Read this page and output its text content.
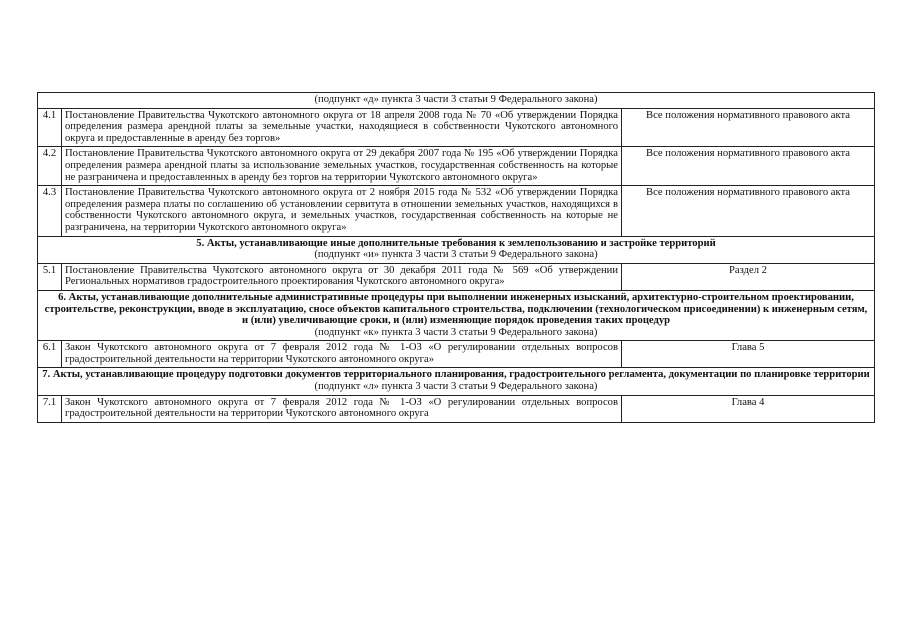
(подпункт «д» пункта 3 части 3 статьи 9 Федерального закона)		
4.1	Постановление Правительства Чукотского автономного округа от 18 апреля 2008 года № 70 «Об утверждении Порядка определения размера арендной платы за земельные участки, находящиеся в собственности Чукотского автономного округа и предоставленные в аренду без торгов»	Все положения нормативного правового акта
4.2	Постановление Правительства Чукотского автономного округа от 29 декабря 2007 года № 195 «Об утверждении Порядка определения размера арендной платы за использование земельных участков, государственная собственность на которые не разграничена и предоставленных в аренду без торгов на территории Чукотского автономного округа»	Все положения нормативного правового акта
4.3	Постановление Правительства Чукотского автономного округа от 2 ноября 2015 года № 532 «Об утверждении Порядка определения размера платы по соглашению об установлении сервитута в отношении земельных участков, находящихся в собственности Чукотского автономного округа, и земельных участков, государственная собственность на которые не разграничена, на территории Чукотского автономного округа»	Все положения нормативного правового акта

5. Акты, устанавливающие иные дополнительные требования к землепользованию и застройке территорий
(подпункт «и» пункта 3 части 3 статьи 9 Федерального закона)		

5.1	Постановление Правительства Чукотского автономного округа от 30 декабря 2011 года № 569 «Об утверждении Региональных нормативов градостроительного проектирования Чукотского автономного округа»	Раздел 2

6. Акты, устанавливающие дополнительные административные процедуры при выполнении инженерных изысканий, архитектурно-строительном проектировании, строительстве, реконструкции, вводе в эксплуатацию, сносе объектов капитального строительства, подключении (технологическом присоединении) к инженерным сетям, и (или) увеличивающие сроки, и (или) изменяющие порядок проведения таких процедур
(подпункт «к» пункта 3 части 3 статьи 9 Федерального закона)		

6.1	Закон Чукотского автономного округа от 7 февраля 2012 года № 1-ОЗ «О регулировании отдельных вопросов градостроительной деятельности на территории Чукотского автономного округа»	Глава 5

7. Акты, устанавливающие процедуру подготовки документов территориального планирования, градостроительного регламента, документации по планировке территории
(подпункт «л» пункта 3 части 3 статьи 9 Федерального закона)		

7.1	Закон Чукотского автономного округа от 7 февраля 2012 года № 1-ОЗ «О регулировании отдельных вопросов градостроительной деятельности на территории Чукотского автономного округа	Глава 4
